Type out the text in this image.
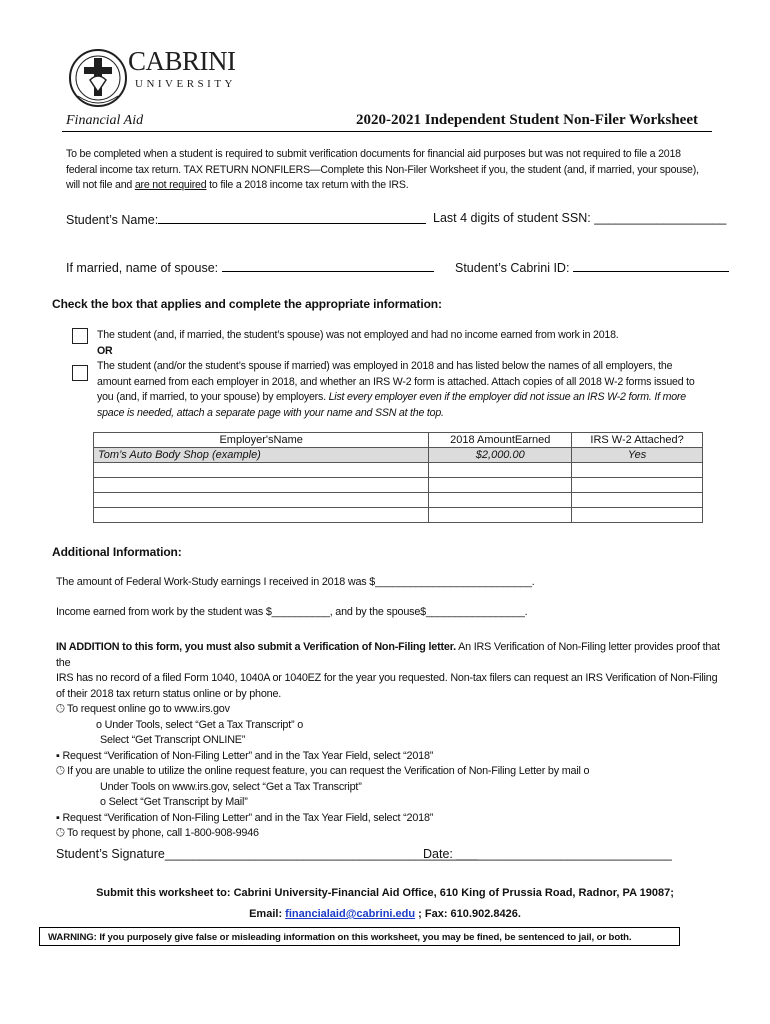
CABRINI
UNIVERSITY
Financial Aid	2020-2021 Independent Student Non-Filer Worksheet
To be completed when a student is required to submit verification documents for financial aid purposes but was not required to file a 2018
federal income tax return. TAX RETURN NONFILERS—Complete this Non-Filer Worksheet if you, the student (and, if married, your spouse),
will not file and are not required to file a 2018 income tax return with the IRS.
Student’s Name:	Last 4 digits of student SSN: ___________________
If married, name of spouse:	Student’s Cabrini ID:
Check the box that applies and complete the appropriate information:
The student (and, if married, the student’s spouse) was not employed and had no income earned from work in 2018.
OR
The student (and/or the student’s spouse if married) was employed in 2018 and has listed below the names of all employers, the
amount earned from each employer in 2018, and whether an IRS W-2 form is attached. Attach copies of all 2018 W-2 forms issued to
you (and, if married, to your spouse) by employers. List every employer even if the employer did not issue an IRS W-2 form. If more
space is needed, attach a separate page with your name and SSN at the top.
Employer'sName	2018 AmountEarned	IRS W-2 Attached?
Tom’s Auto Body Shop (example)	$2,000.00	Yes

Additional Information:
The amount of Federal Work-Study earnings I received in 2018 was $___________________________.
Income earned from work by the student was $__________, and by the spouse$_________________.
IN ADDITION to this form, you must also submit a Verification of Non-Filing letter. An IRS Verification of Non-Filing letter provides proof that the
IRS has no record of a filed Form 1040, 1040A or 1040EZ for the year you requested. Non-tax filers can request an IRS Verification of Non-Filing
of their 2018 tax return status online or by phone.
🕒︎ To request online go to www.irs.gov
o Under Tools, select “Get a Tax Transcript” o
Select “Get Transcript ONLINE”
▪ Request “Verification of Non-Filing Letter” and in the Tax Year Field, select “2018”
🕒︎ If you are unable to utilize the online request feature, you can request the Verification of Non-Filing Letter by mail o
Under Tools on www.irs.gov, select “Get a Tax Transcript”
o Select “Get Transcript by Mail”
▪ Request “Verification of Non-Filing Letter” and in the Tax Year Field, select “2018”
🕒︎ To request by phone, call 1-800-908-9946
Student’s Signature_____________________________________________
Date: _______________________________
Submit this worksheet to: Cabrini University-Financial Aid Office, 610 King of Prussia Road, Radnor, PA 19087;
Email: financialaid@cabrini.edu ; Fax: 610.902.8426.
WARNING: If you purposely give false or misleading information on this worksheet, you may be fined, be sentenced to jail, or both.
